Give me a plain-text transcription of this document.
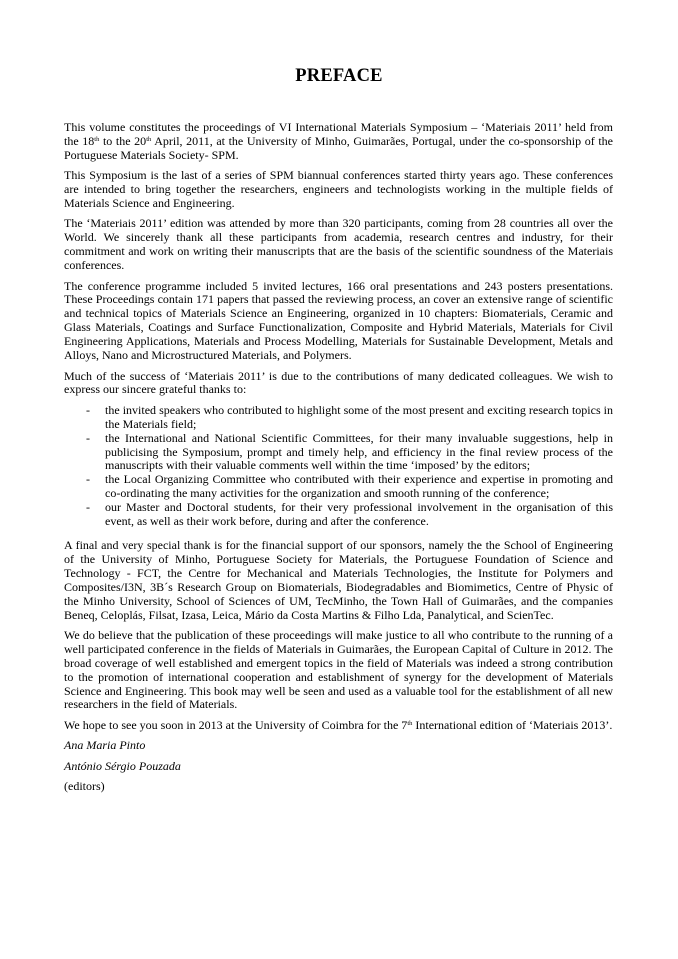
PREFACE

This volume constitutes the proceedings of VI International Materials Symposium – ‘Materiais 2011’ held from the 18th to the 20th April, 2011, at the University of Minho, Guimarães, Portugal, under the co-sponsorship of the Portuguese Materials Society- SPM.

This Symposium is the last of a series of SPM biannual conferences started thirty years ago. These conferences are intended to bring together the researchers, engineers and technologists working in the multiple fields of Materials Science and Engineering.

The ‘Materiais 2011’ edition was attended by more than 320 participants, coming from 28 countries all over the World. We sincerely thank all these participants from academia, research centres and industry, for their commitment and work on writing their manuscripts that are the basis of the scientific soundness of the Materiais conferences.

The conference programme included 5 invited lectures, 166 oral presentations and 243 posters presentations. These Proceedings contain 171 papers that passed the reviewing process, an cover an extensive range of scientific and technical topics of Materials Science an Engineering, organized in 10 chapters: Biomaterials, Ceramic and Glass Materials, Coatings and Surface Functionalization, Composite and Hybrid Materials, Materials for Civil Engineering Applications, Materials and Process Modelling, Materials for Sustainable Development, Metals and Alloys, Nano and Microstructured Materials, and Polymers.

Much of the success of ‘Materiais 2011’ is due to the contributions of many dedicated colleagues. We wish to express our sincere grateful thanks to:

- the invited speakers who contributed to highlight some of the most present and exciting research topics in the Materials field;
- the International and National Scientific Committees, for their many invaluable suggestions, help in publicising the Symposium, prompt and timely help, and efficiency in the final review process of the manuscripts with their valuable comments well within the time ‘imposed’ by the editors;
- the Local Organizing Committee who contributed with their experience and expertise in promoting and co-ordinating the many activities for the organization and smooth running of the conference;
- our Master and Doctoral students, for their very professional involvement in the organisation of this event, as well as their work before, during and after the conference.

A final and very special thank is for the financial support of our sponsors, namely the the School of Engineering of the University of Minho, Portuguese Society for Materials, the Portuguese Foundation of Science and Technology - FCT, the Centre for Mechanical and Materials Technologies, the Institute for Polymers and Composites/I3N, 3B´s Research Group on Biomaterials, Biodegradables and Biomimetics, Centre of Physic of the Minho University, School of Sciences of UM, TecMinho, the Town Hall of Guimarães, and the companies Beneq, Celoplás, Filsat, Izasa, Leica, Mário da Costa Martins & Filho Lda, Panalytical, and ScienTec.

We do believe that the publication of these proceedings will make justice to all who contribute to the running of a well participated conference in the fields of Materials in Guimarães, the European Capital of Culture in 2012. The broad coverage of well established and emergent topics in the field of Materials was indeed a strong contribution to the promotion of international cooperation and establishment of synergy for the development of Materials Science and Engineering. This book may well be seen and used as a valuable tool for the establishment of all new researchers in the field of Materials.

We hope to see you soon in 2013 at the University of Coimbra for the 7th International edition of ‘Materiais 2013’.

Ana Maria Pinto

António Sérgio Pouzada

(editors)
